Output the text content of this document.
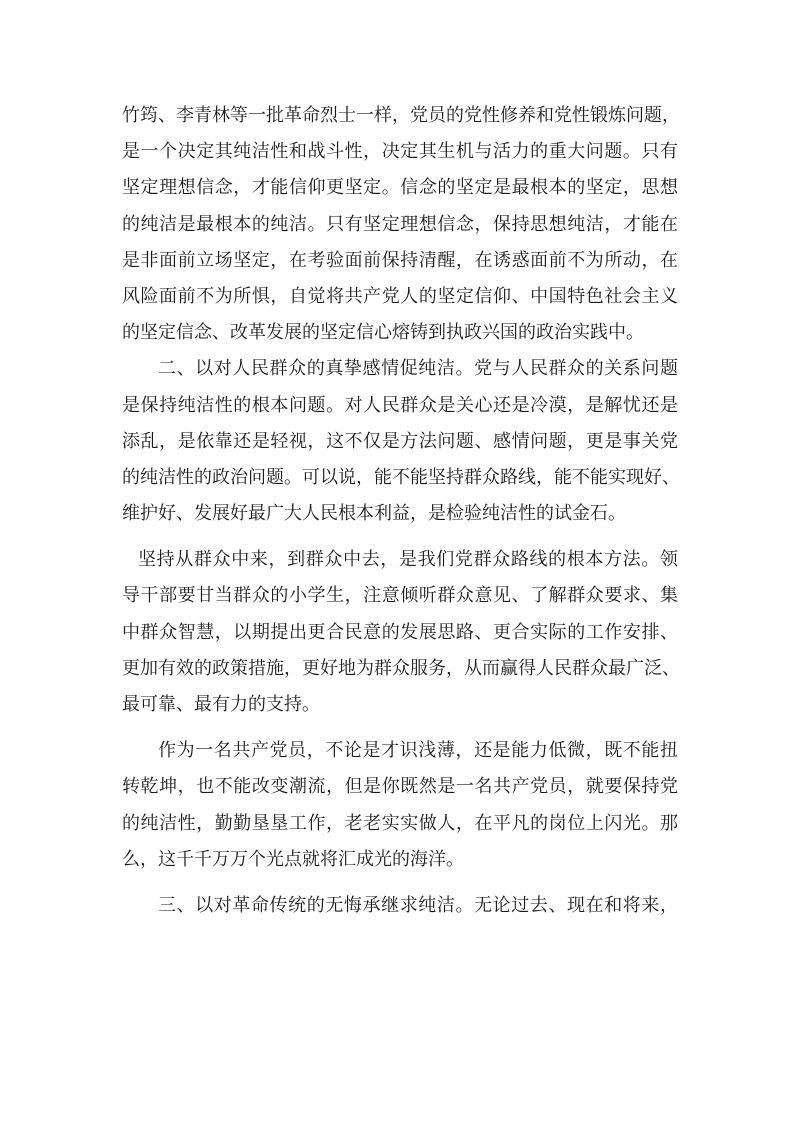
竹筠、李青林等一批革命烈士一样，党员的党性修养和党性锻炼问题，
是一个决定其纯洁性和战斗性，决定其生机与活力的重大问题。只有
坚定理想信念，才能信仰更坚定。信念的坚定是最根本的坚定，思想
的纯洁是最根本的纯洁。只有坚定理想信念，保持思想纯洁，才能在
是非面前立场坚定，在考验面前保持清醒，在诱惑面前不为所动，在
风险面前不为所惧，自觉将共产党人的坚定信仰、中国特色社会主义
的坚定信念、改革发展的坚定信心熔铸到执政兴国的政治实践中。
二、以对人民群众的真挚感情促纯洁。党与人民群众的关系问题
是保持纯洁性的根本问题。对人民群众是关心还是冷漠，是解忧还是
添乱，是依靠还是轻视，这不仅是方法问题、感情问题，更是事关党
的纯洁性的政治问题。可以说，能不能坚持群众路线，能不能实现好、
维护好、发展好最广大人民根本利益，是检验纯洁性的试金石。
坚持从群众中来，到群众中去，是我们党群众路线的根本方法。领
导干部要甘当群众的小学生，注意倾听群众意见、了解群众要求、集
中群众智慧，以期提出更合民意的发展思路、更合实际的工作安排、
更加有效的政策措施，更好地为群众服务，从而赢得人民群众最广泛、
最可靠、最有力的支持。
作为一名共产党员，不论是才识浅薄，还是能力低微，既不能扭
转乾坤，也不能改变潮流，但是你既然是一名共产党员，就要保持党
的纯洁性，勤勤垦垦工作，老老实实做人，在平凡的岗位上闪光。那
么，这千千万万个光点就将汇成光的海洋。
三、以对革命传统的无悔承继求纯洁。无论过去、现在和将来，
